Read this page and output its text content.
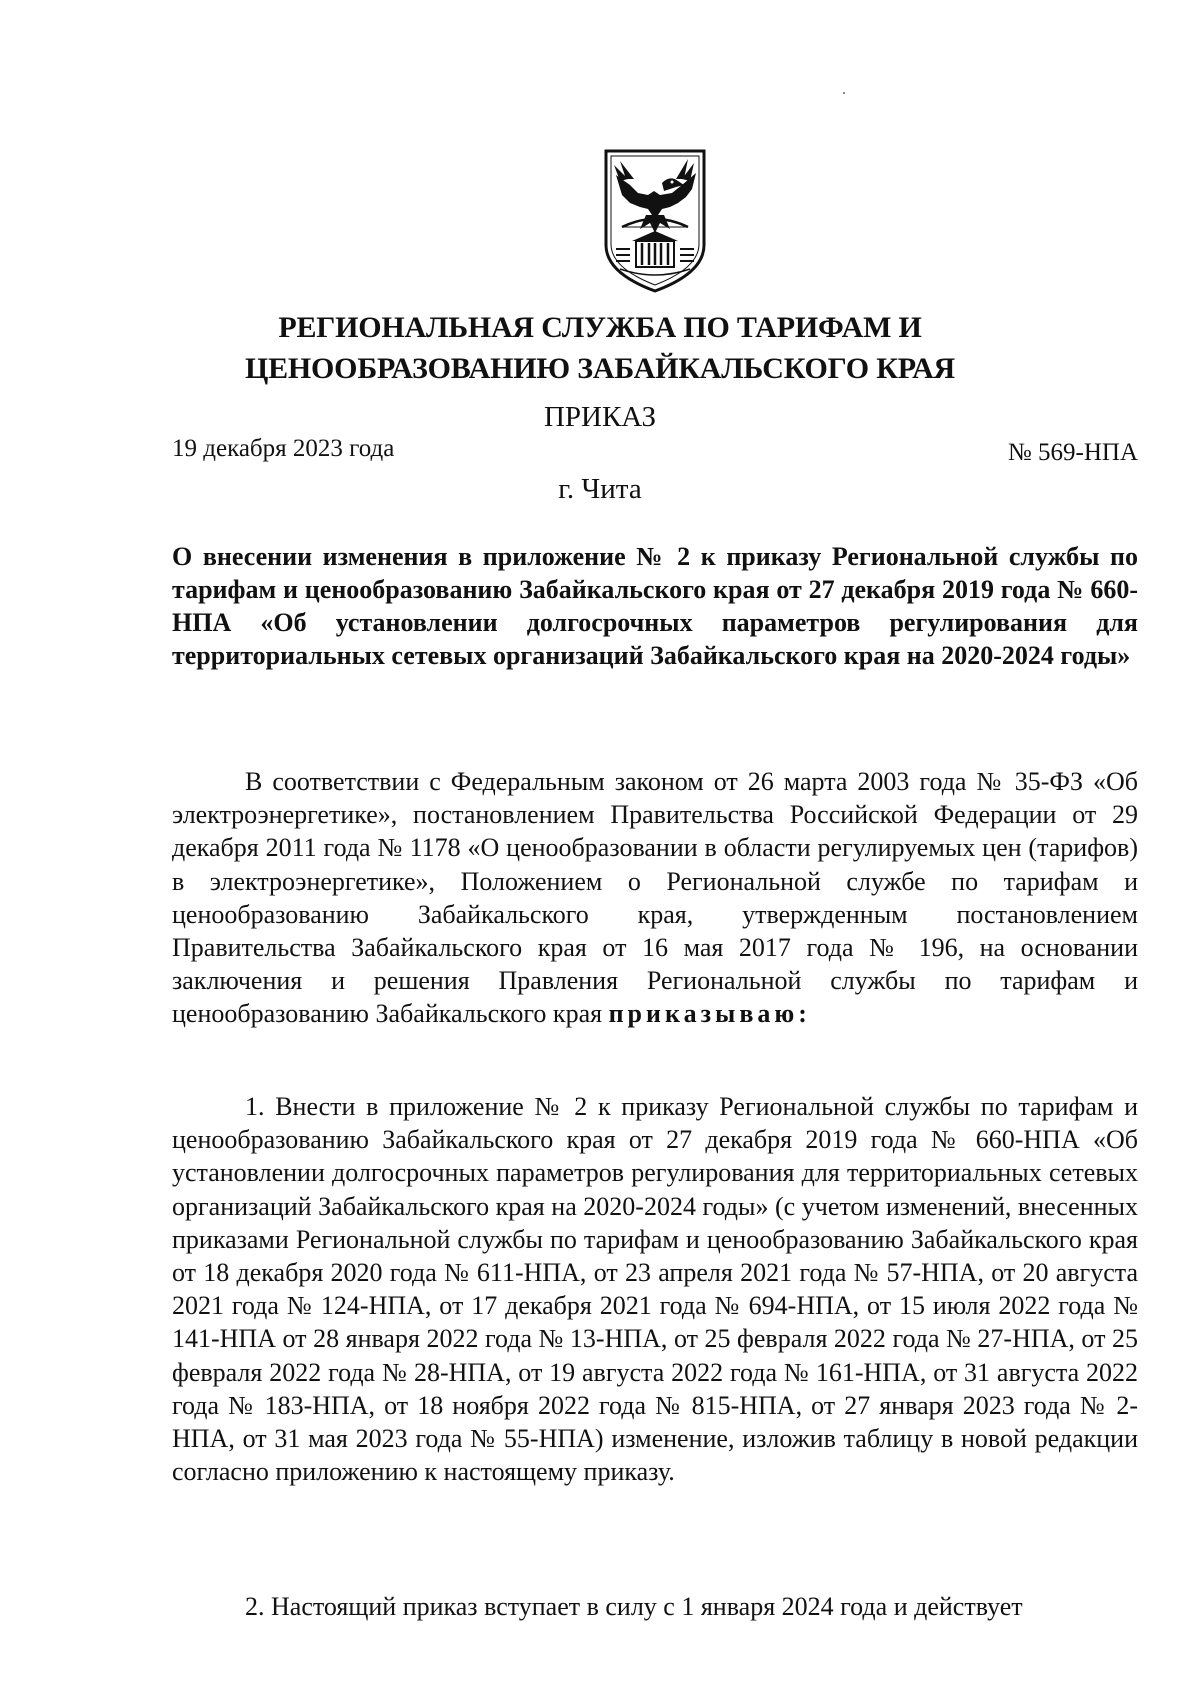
РЕГИОНАЛЬНАЯ СЛУЖБА ПО ТАРИФАМ И
ЦЕНООБРАЗОВАНИЮ ЗАБАЙКАЛЬСКОГО КРАЯ
ПРИКАЗ
19 декабря 2023 года	№ 569-НПА
г. Чита
О внесении изменения в приложение № 2 к приказу Региональной службы по тарифам и ценообразованию Забайкальского края от 27 декабря 2019 года № 660-НПА «Об установлении долгосрочных параметров регулирования для территориальных сетевых организаций Забайкальского края на 2020-2024 годы»

В соответствии с Федеральным законом от 26 марта 2003 года № 35-ФЗ «Об электроэнергетике», постановлением Правительства Российской Федерации от 29 декабря 2011 года № 1178 «О ценообразовании в области регулируемых цен (тарифов) в электроэнергетике», Положением о Региональной службе по тарифам и ценообразованию Забайкальского края, утвержденным постановлением Правительства Забайкальского края от 16 мая 2017 года № 196, на основании заключения и решения Правления Региональной службы по тарифам и ценообразованию Забайкальского края приказываю:

1. Внести в приложение № 2 к приказу Региональной службы по тарифам и ценообразованию Забайкальского края от 27 декабря 2019 года № 660-НПА «Об установлении долгосрочных параметров регулирования для территориальных сетевых организаций Забайкальского края на 2020-2024 годы» (с учетом изменений, внесенных приказами Региональной службы по тарифам и ценообразованию Забайкальского края от 18 декабря 2020 года № 611-НПА, от 23 апреля 2021 года № 57-НПА, от 20 августа 2021 года № 124-НПА, от 17 декабря 2021 года № 694-НПА, от 15 июля 2022 года № 141-НПА от 28 января 2022 года № 13-НПА, от 25 февраля 2022 года № 27-НПА, от 25 февраля 2022 года № 28-НПА, от 19 августа 2022 года № 161-НПА, от 31 августа 2022 года № 183-НПА, от 18 ноября 2022 года № 815-НПА, от 27 января 2023 года № 2-НПА, от 31 мая 2023 года № 55-НПА) изменение, изложив таблицу в новой редакции согласно приложению к настоящему приказу.

2. Настоящий приказ вступает в силу с 1 января 2024 года и действует
